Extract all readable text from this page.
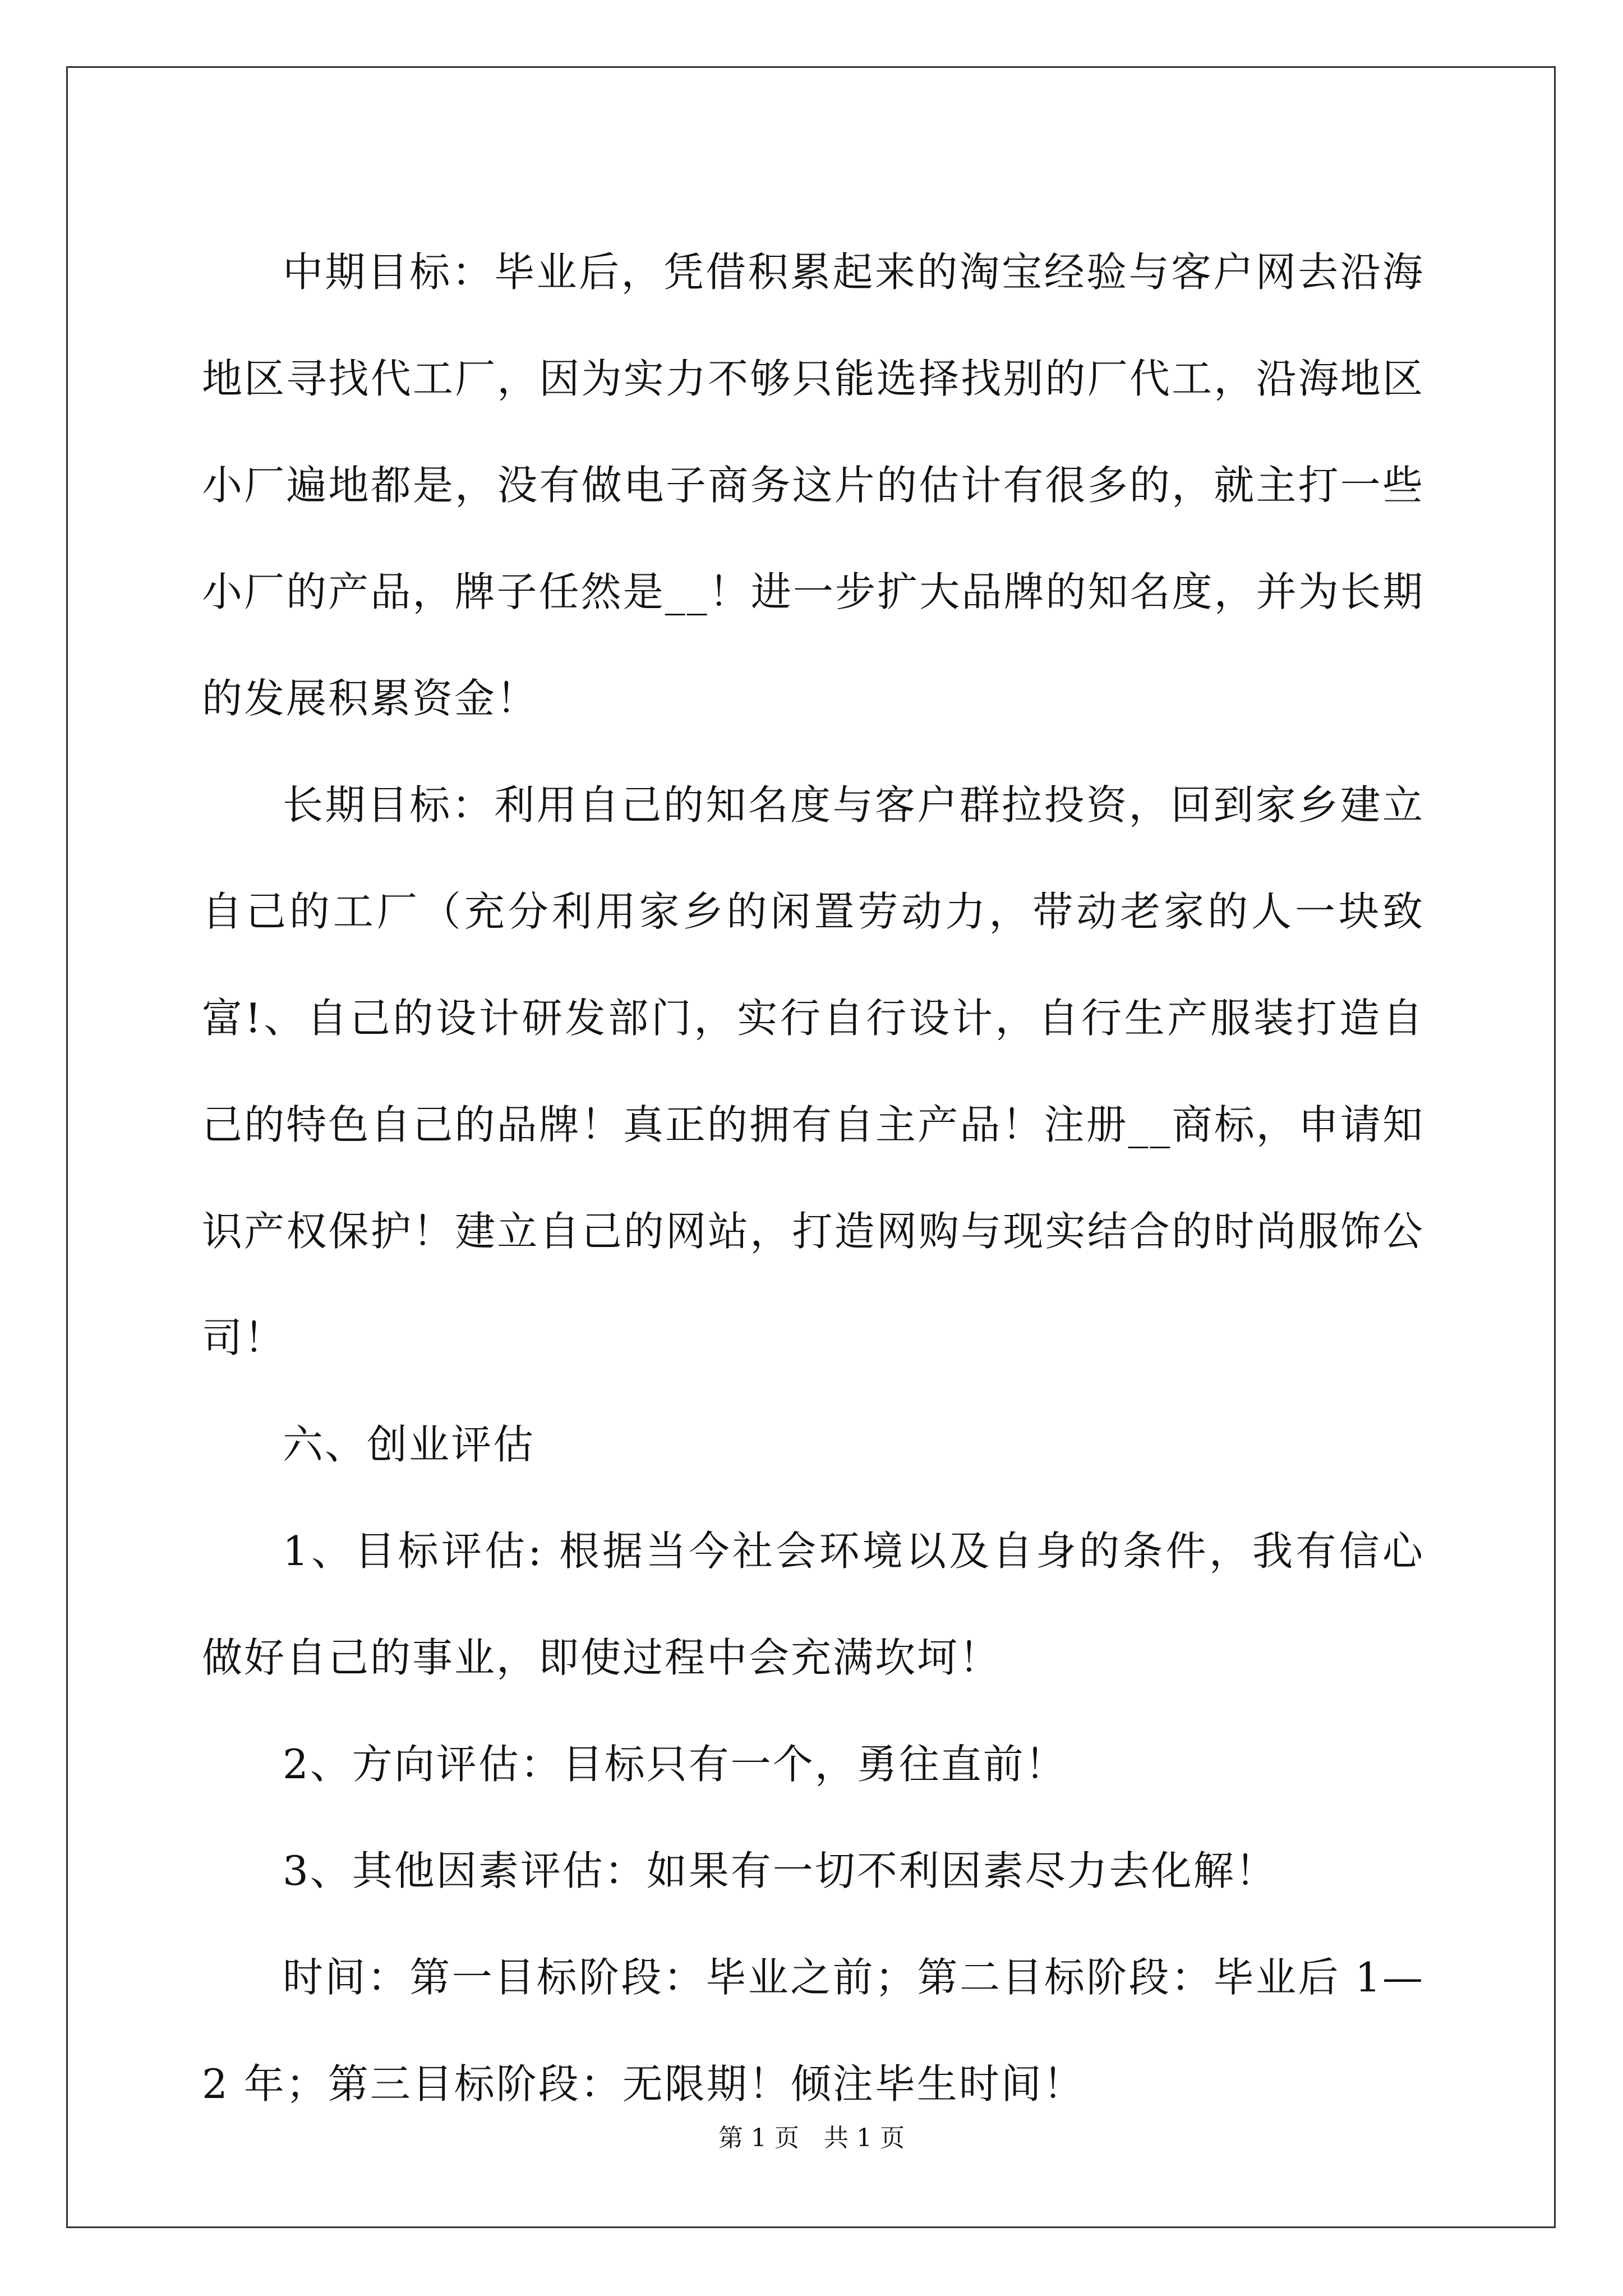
中期目标：毕业后，凭借积累起来的淘宝经验与客户网去沿海地区寻找代工厂，因为实力不够只能选择找别的厂代工，沿海地区小厂遍地都是，没有做电子商务这片的估计有很多的，就主打一些小厂的产品，牌子任然是__！进一步扩大品牌的知名度，并为长期的发展积累资金！

长期目标：利用自己的知名度与客户群拉投资，回到家乡建立自己的工厂（充分利用家乡的闲置劳动力，带动老家的人一块致富!、自己的设计研发部门，实行自行设计，自行生产服装打造自己的特色自己的品牌！真正的拥有自主产品！注册__商标，申请知识产权保护！建立自己的网站，打造网购与现实结合的时尚服饰公司！

六、创业评估

1、目标评估: 根据当今社会环境以及自身的条件，我有信心做好自己的事业，即使过程中会充满坎坷！

2、方向评估：目标只有一个，勇往直前！

3、其他因素评估：如果有一切不利因素尽力去化解！

时间：第一目标阶段：毕业之前；第二目标阶段：毕业后 1—2 年；第三目标阶段：无限期！倾注毕生时间！

第 1 页　共 1 页
